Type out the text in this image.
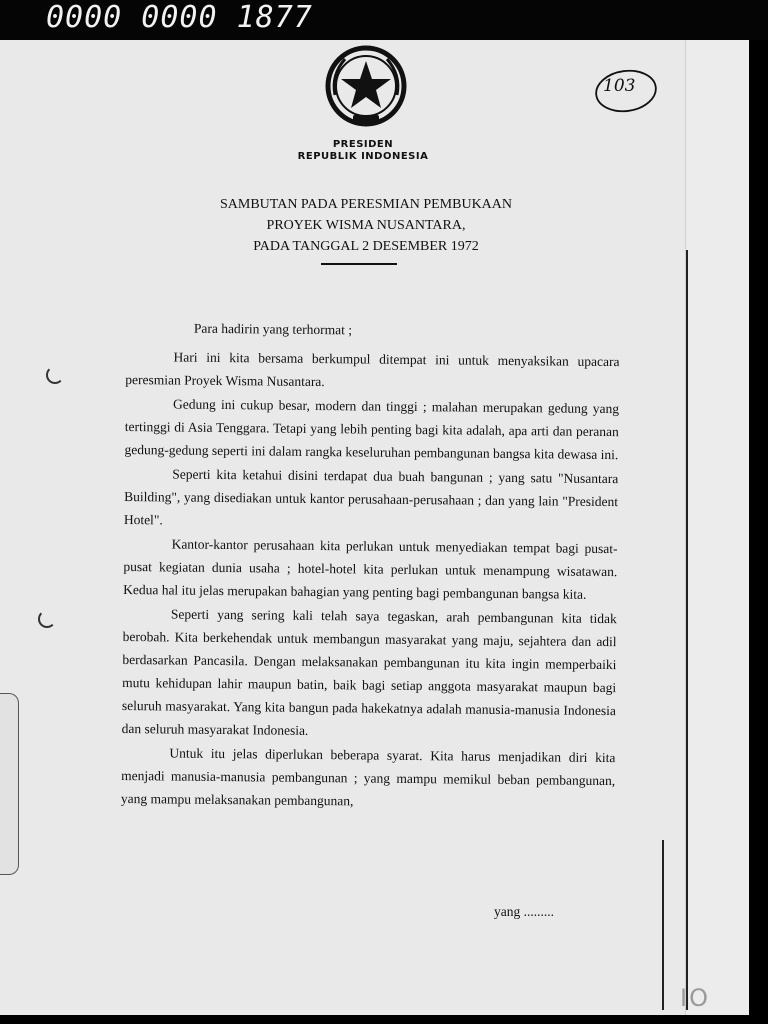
0000 0000 1877
PRESIDEN
REPUBLIK INDONESIA
103
SAMBUTAN PADA PERESMIAN PEMBUKAAN
PROYEK WISMA NUSANTARA,
PADA TANGGAL 2 DESEMBER 1972

Para hadirin yang terhormat ;

Hari ini kita bersama berkumpul ditempat ini untuk menyaksikan upacara peresmian Proyek Wisma Nusantara.

Gedung ini cukup besar, modern dan tinggi ; malahan merupakan gedung yang tertinggi di Asia Tenggara. Tetapi yang lebih penting bagi kita adalah, apa arti dan peranan gedung-gedung seperti ini dalam rangka keseluruhan pembangunan bangsa kita dewasa ini.

Seperti kita ketahui disini terdapat dua buah bangunan ; yang satu "Nusantara Building", yang disediakan untuk kantor perusahaan-perusahaan ; dan yang lain "President Hotel".

Kantor-kantor perusahaan kita perlukan untuk menyediakan tempat bagi pusat-pusat kegiatan dunia usaha ; hotel-hotel kita perlukan untuk menampung wisatawan. Kedua hal itu jelas merupakan bahagian yang penting bagi pembangunan bangsa kita.

Seperti yang sering kali telah saya tegaskan, arah pembangunan kita tidak berobah. Kita berkehendak untuk membangun masyarakat yang maju, sejahtera dan adil berdasarkan Pancasila. Dengan melaksanakan pembangunan itu kita ingin memperbaiki mutu kehidupan lahir maupun batin, baik bagi setiap anggota masyarakat maupun bagi seluruh masyarakat. Yang kita bangun pada hakekatnya adalah manusia-manusia Indonesia dan seluruh masyarakat Indonesia.

Untuk itu jelas diperlukan beberapa syarat. Kita harus menjadikan diri kita menjadi manusia-manusia pembangunan ; yang mampu memikul beban pembangunan, yang mampu melaksanakan pembangunan,

yang .........
IO
